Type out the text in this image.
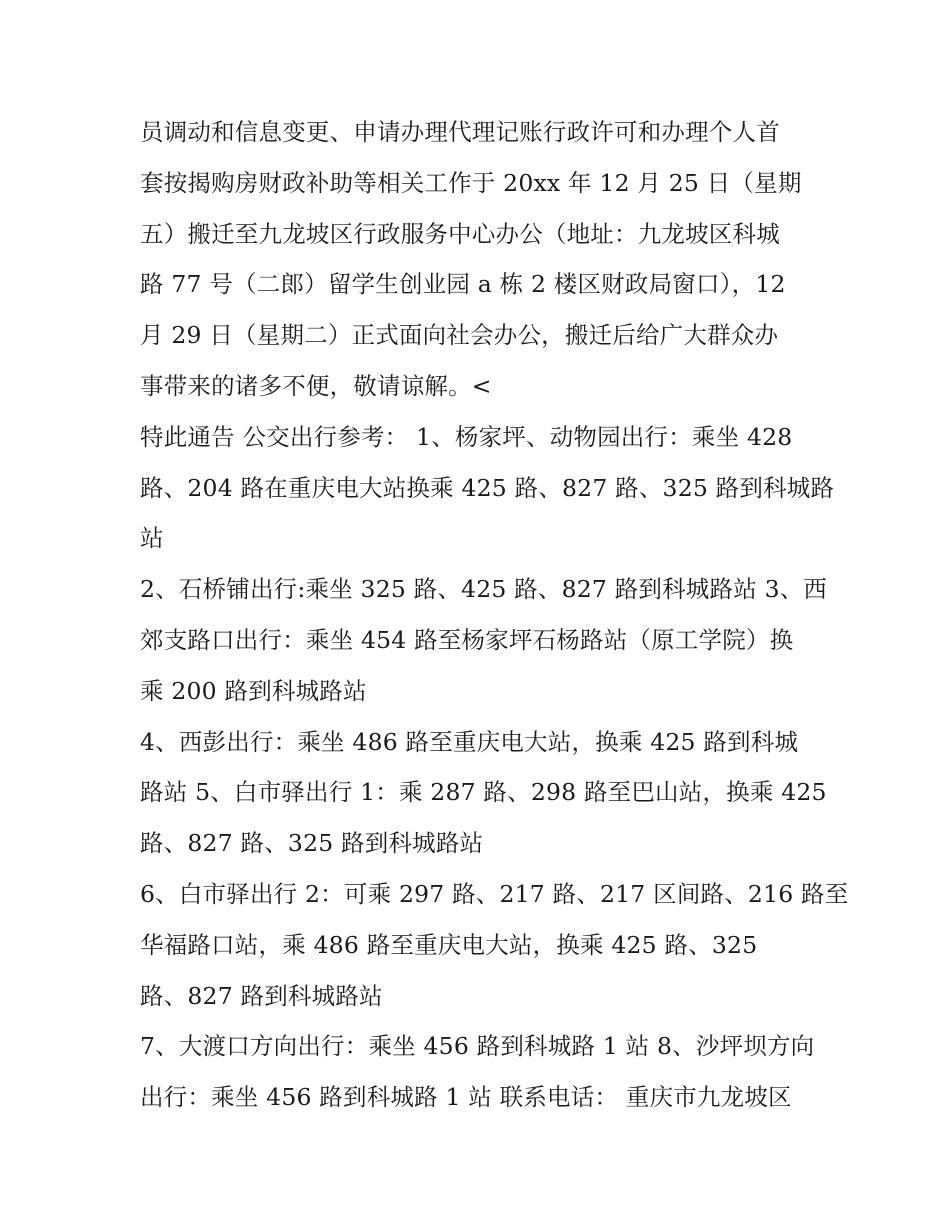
员调动和信息变更、申请办理代理记账行政许可和办理个人首
套按揭购房财政补助等相关工作于 20xx 年 12 月 25 日（星期
五）搬迁至九龙坡区行政服务中心办公（地址：九龙坡区科城
路 77 号（二郎）留学生创业园 a 栋 2 楼区财政局窗口），12
月 29 日（星期二）正式面向社会办公，搬迁后给广大群众办
事带来的诸多不便，敬请谅解。<
特此通告 公交出行参考： 1、杨家坪、动物园出行：乘坐 428
路、204 路在重庆电大站换乘 425 路、827 路、325 路到科城路
站
2、石桥铺出行:乘坐 325 路、425 路、827 路到科城路站 3、西
郊支路口出行：乘坐 454 路至杨家坪石杨路站（原工学院）换
乘 200 路到科城路站
4、西彭出行：乘坐 486 路至重庆电大站，换乘 425 路到科城
路站 5、白市驿出行 1：乘 287 路、298 路至巴山站，换乘 425
路、827 路、325 路到科城路站
6、白市驿出行 2：可乘 297 路、217 路、217 区间路、216 路至
华福路口站，乘 486 路至重庆电大站，换乘 425 路、325
路、827 路到科城路站
7、大渡口方向出行：乘坐 456 路到科城路 1 站 8、沙坪坝方向
出行：乘坐 456 路到科城路 1 站 联系电话： 重庆市九龙坡区
